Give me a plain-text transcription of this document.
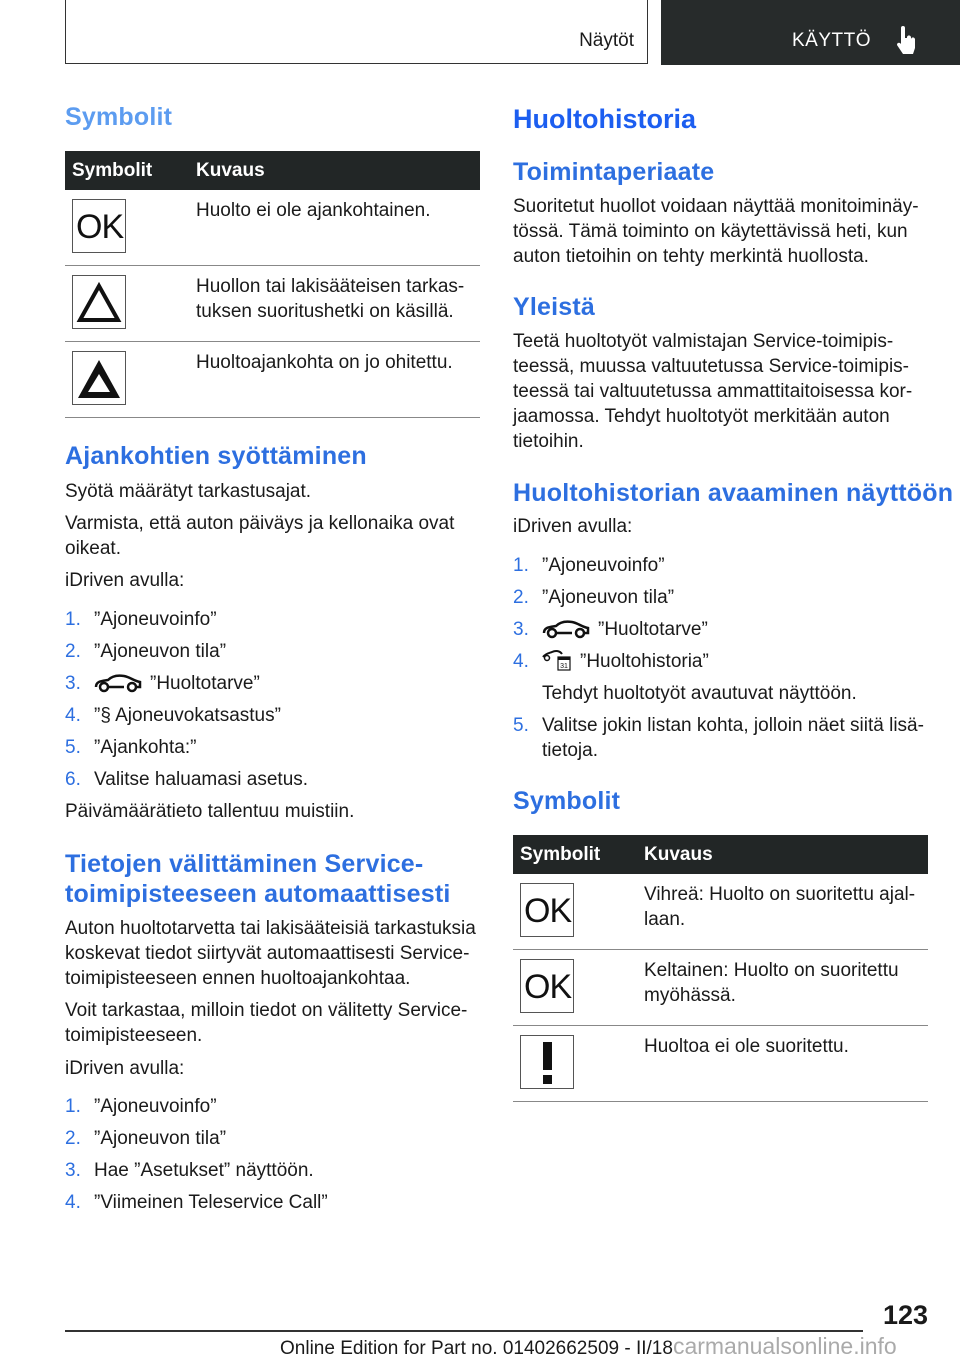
Näytöt	KÄYTTÖ
Symbolit
Symbolit Kuvaus
OK	Huolto ei ole ajankohtainen.
Huollon tai lakisääteisen tarkastuksen suoritushetki on käsillä.
Huoltoajankohta on jo ohitettu.
Ajankohtien syöttäminen

Syötä määrätyt tarkastusajat.

Varmista, että auton päiväys ja kellonaika ovat oikeat.

iDriven avulla:

1. ”Ajoneuvoinfo”
2. ”Ajoneuvon tila”
3.	”Huoltotarve”
4. ”§ Ajoneuvokatsastus”
5. ”Ajankohta:”
6. Valitse haluamasi asetus.

Päivämäärätieto tallentuu muistiin.

Tietojen välittäminen Service-toimipisteeseen automaattisesti

Auton huoltotarvetta tai lakisääteisiä tarkastuksia koskevat tiedot siirtyvät automaattisesti Service-toimipisteeseen ennen huoltoajankohtaa.

Voit tarkastaa, milloin tiedot on välitetty Service-toimipisteeseen.

iDriven avulla:

1. ”Ajoneuvoinfo”
2. ”Ajoneuvon tila”
3. Hae ”Asetukset” näyttöön.
4. ”Viimeinen Teleservice Call”
Huoltohistoria
Toimintaperiaate

Suoritetut huollot voidaan näyttää monitoiminäytössä. Tämä toiminto on käytettävissä heti, kun auton tietoihin on tehty merkintä huollosta.

Yleistä

Teetä huoltotyöt valmistajan Service-toimipisteessä, muussa valtuutetussa Service-toimipisteessä tai valtuutetussa ammattitaitoisessa korjaamossa. Tehdyt huoltotyöt merkitään auton tietoihin.

Huoltohistorian avaaminen näyttöön

iDriven avulla:

1. ”Ajoneuvoinfo”
2. ”Ajoneuvon tila”
3.	”Huoltotarve”
4.	31 ”Huoltohistoria”
Tehdyt huoltotyöt avautuvat näyttöön.
5. Valitse jokin listan kohta, jolloin näet siitä lisätietoja.
Symbolit
Symbolit Kuvaus
OK	Vihreä: Huolto on suoritettu ajallaan.
OK	Keltainen: Huolto on suoritettu myöhässä.
Huoltoa ei ole suoritettu.
123
Online Edition for Part no. 01402662509 - II/18carmanualsonline.info
